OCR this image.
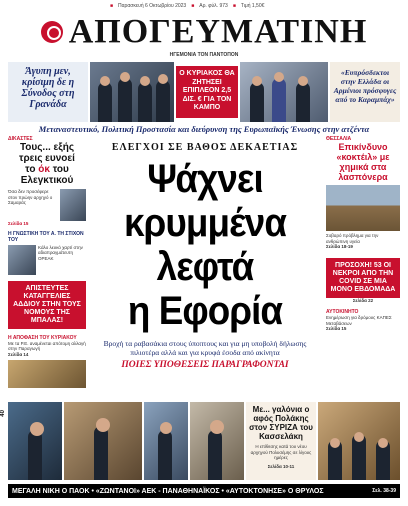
■ Παρασκευή 6 Οκτωβρίου 2023 ■ Αρ. φύλ. 973 ■ Τιμή 1,50€
ΑΠΟΓΕΥΜΑΤΙΝΗ
ΗΓΕΜΟΝΙΑ ΤΟΝ ΠΑΝΤΟΠΟΝ
Άγυπη μεν, κρίσιμη δε η Σύνοδος στη Γρανάδα
Ο ΚΥΡΙΑΚΟΣ ΘΑ ΖΗΤΗΣΕΙ ΕΠΙΠΛΕΟΝ 2,5 ΔΙΣ. € ΓΙΑ ΤΟΝ ΚΑΜΠΟ
«Ευπρόσδεκτοι στην Ελλάδα οι Αρμένιοι πρόσφυγες από το Καραμπάχ»
Μεταναστευτικό, Πολιτική Προστασία και διεύρυνση της Ευρωπαϊκής Ένωσης στην ατζέντα
ΔΙΚΑΣΤΕΣ
Τους... εξής
τρεις ευνοεί
το όκ του
Ελεγκτικού
Όσα δεν προσέφερε στον πρώην αρχηγό ο Σαμαράς
Σελίδα 15
Η ΓΝΩΣΤΙΚΗ ΤΟΥ Α. ΤΗ ΣΤΙΧΟΝ ΤΟΥ
Κάλο λευκό χαρτί στην αδιαπραγμάτευτη ΟΡΕΑΚ
ΑΠΙΣΤΕΥΤΕΣ ΚΑΤΑΓΓΕΛΙΕΣ ΑΔΔΙΟΥ ΣΤΗΝ ΤΟΥΣ ΝΟΜΟΥΣ ΤΗΣ ΜΠΑΛΑΣ!
Η ΑΠΟΦΑΣΗ ΤΟΥ ΚΥΡΙΑΚΟΥ
Με τα Ρ.Ε. αναμένεται απότομη αλλαγή στην Παραγωγή
Σελίδα 14
ΕΛΕΓΧΟΙ ΣΕ ΒΑΘΟΣ ΔΕΚΑΕΤΙΑΣ
Ψάχνει
κρυμμένα
λεφτά
η Εφορία
Βροχή τα ραβασάκια στους ύποπτους και για μη υποβολή δήλωσης πιλιοτέρα αλλά και για κρυφά έσοδα από ακίνητα
ΠΟΙΕΣ ΥΠΟΘΕΣΕΙΣ ΠΑΡΑΓΡΑΦΟΝΤΑΙ
ΘΕΣΣΑΛΙΑ
Επικίνδυνο «κοκτέιλ» με χημικά στα λασπόνερα
Σοβαρό πρόβλημα για την ανθρώπινη υγεία
Σελίδα 18-19
ΠΡΟΣΟΧΗ! 53 ΟΙ ΝΕΚΡΟΙ ΑΠΟ ΤΗΝ COVID ΣΕ ΜΙΑ ΜΟΝΟ ΕΒΔΟΜΑΔΑ
Σελίδα 22
ΑΥΤΟΚΙΝΗΤΟ
Ενημέρωση για δρόμους ΚΑΠΕΣ Μεταβάσεων
Σελίδα 15
Με... γαλόνια ο αφός Πολάκης στον ΣΥΡΙΖΑ του Κασσελάκη
Η επίθεσης κατά του νέου αρχηγού Πολυσέμης σε λίγους ημέρες
Σελίδα 10-11
40
ΜΕΓΑΛΗ ΝΙΚΗ Ο ΠΑΟΚ • «ΖΩΝΤΑΝΟΙ» ΑΕΚ - ΠΑΝΑΘΗΝΑΪΚΟΣ • «ΑΥΤΟΚΤΟΝΗΣΕ» Ο ΘΡΥΛΟΣ	Σελ. 38-39
